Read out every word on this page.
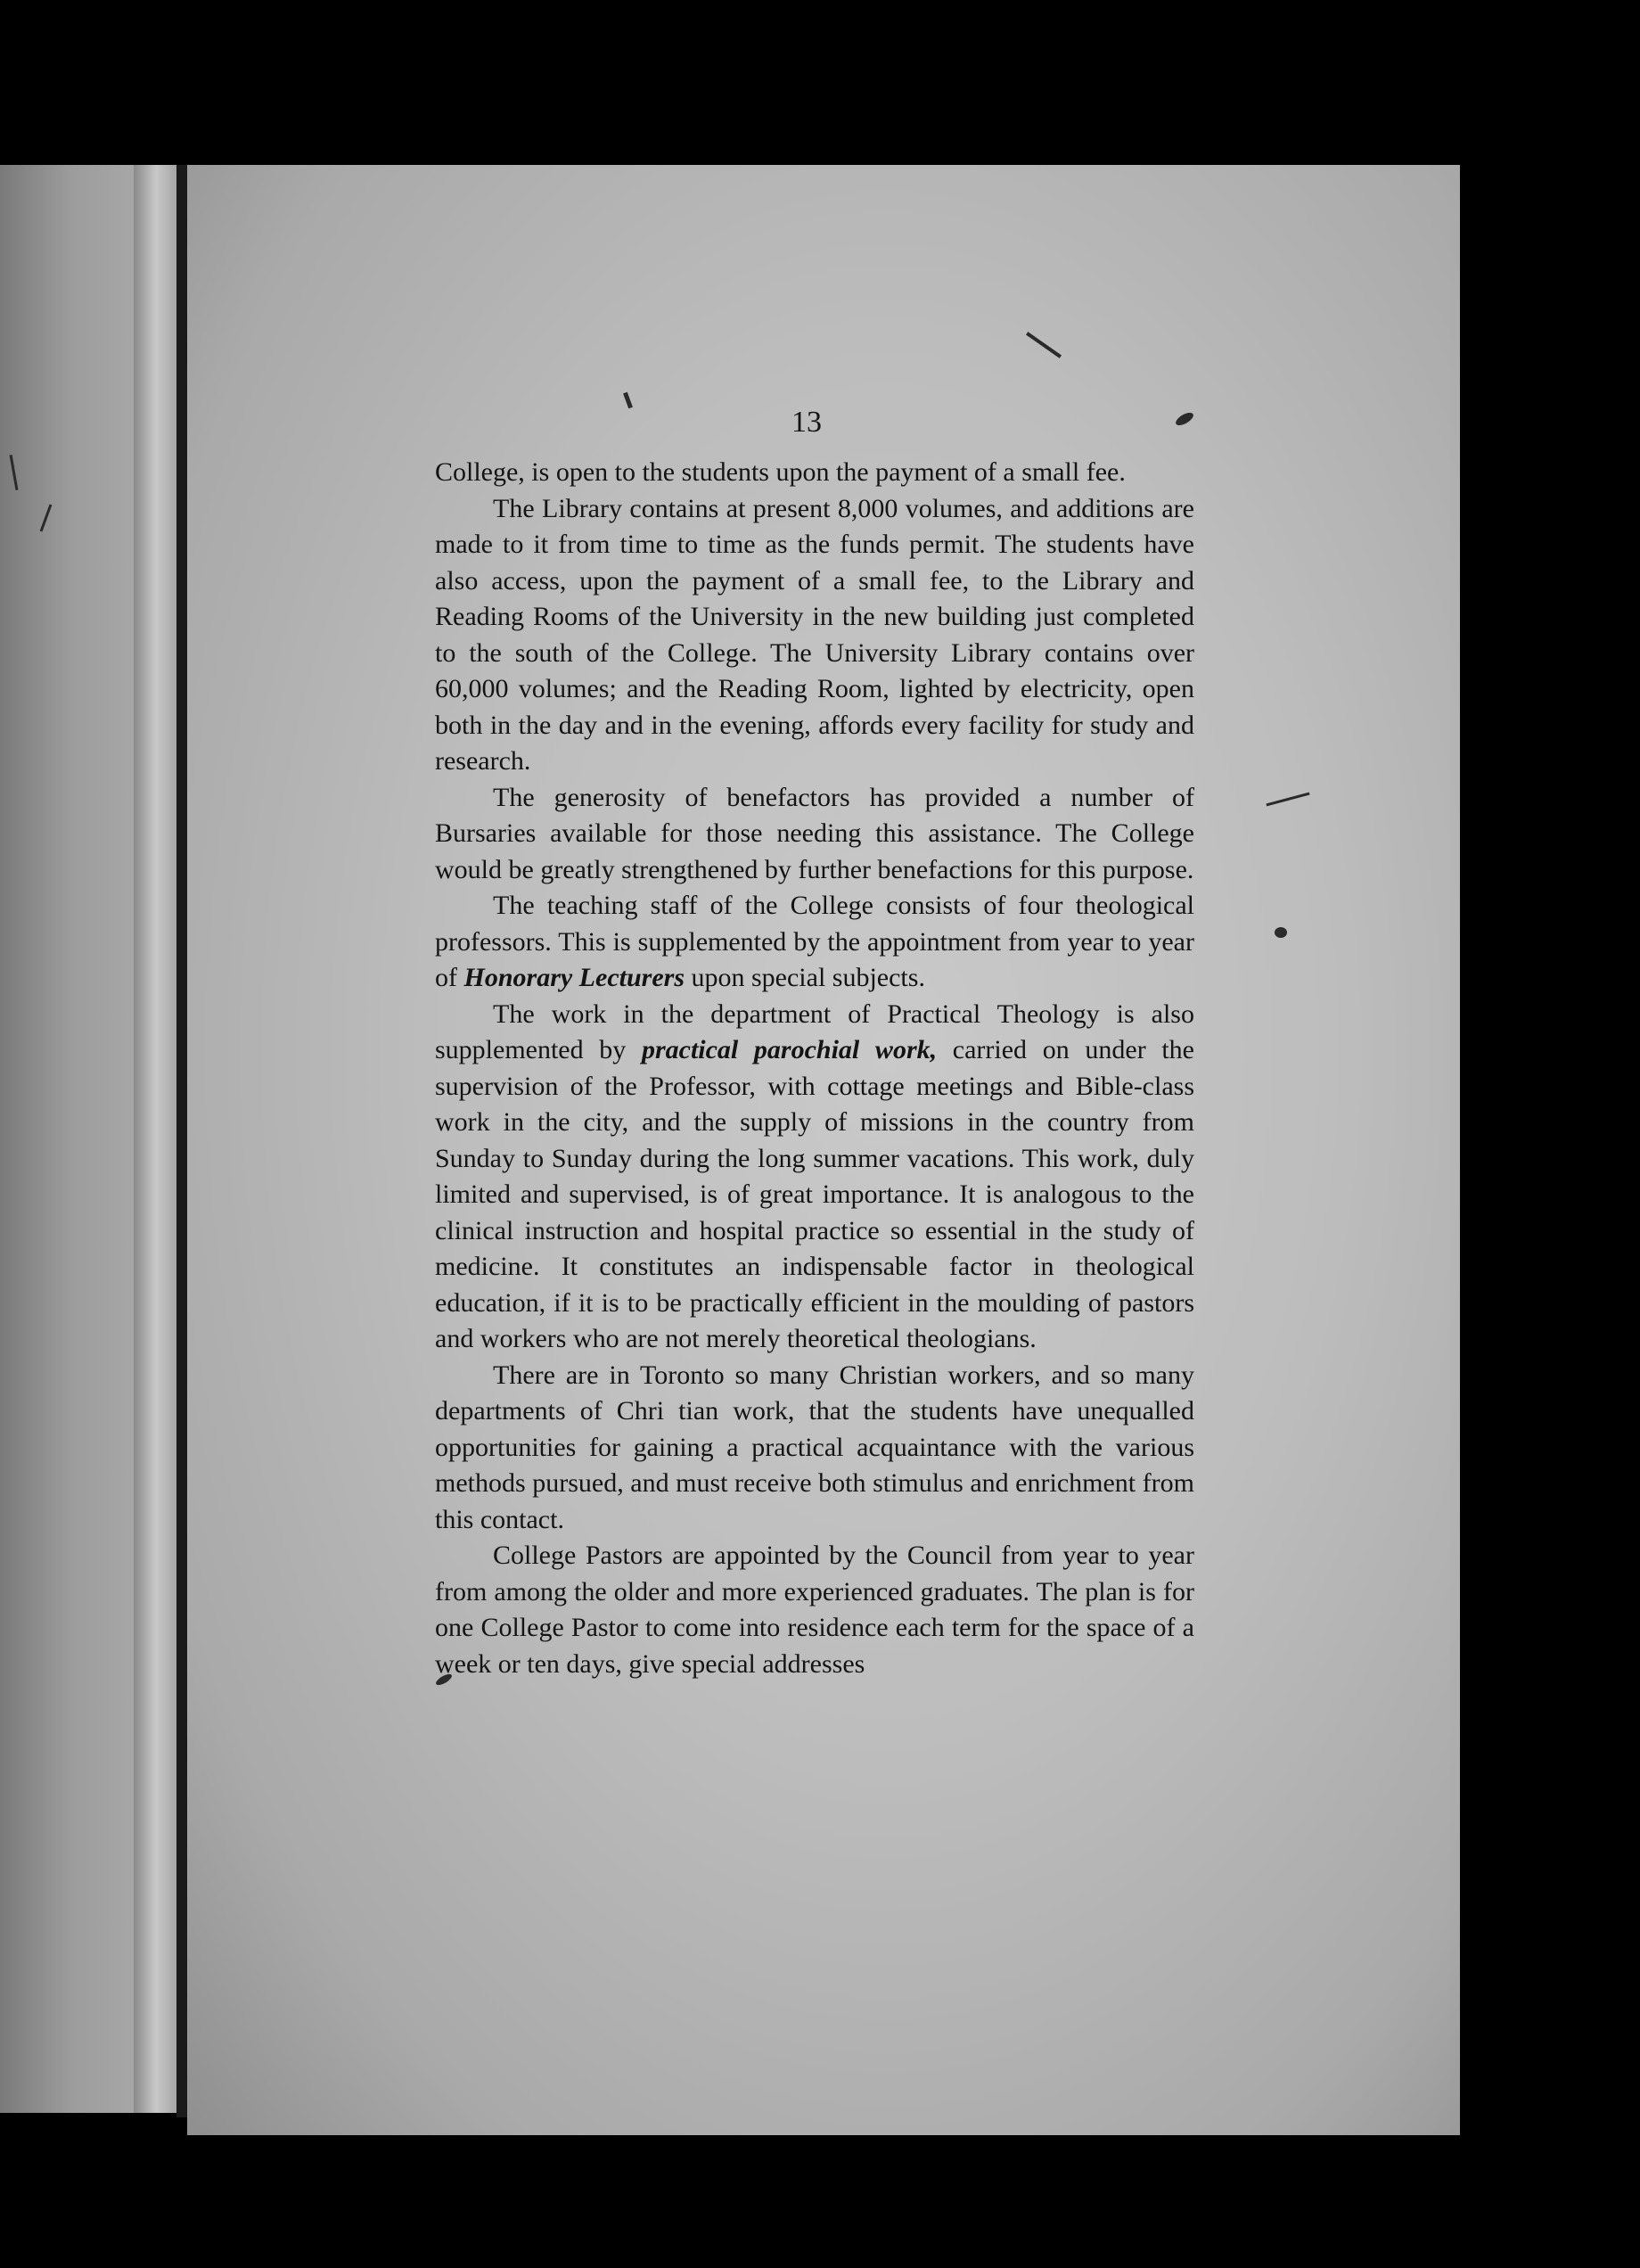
13

College, is open to the students upon the payment of a small fee.

The Library contains at present 8,000 volumes, and additions are made to it from time to time as the funds permit. The students have also access, upon the payment of a small fee, to the Library and Reading Rooms of the University in the new building just completed to the south of the College. The University Library contains over 60,000 volumes; and the Reading Room, lighted by electricity, open both in the day and in the evening, affords every facility for study and research.

The generosity of benefactors has provided a number of Bursaries available for those needing this assistance. The College would be greatly strengthened by further benefactions for this purpose.

The teaching staff of the College consists of four theological professors. This is supplemented by the appointment from year to year of Honorary Lecturers upon special subjects.

The work in the department of Practical Theology is also supplemented by practical parochial work, carried on under the supervision of the Professor, with cottage meetings and Bible-class work in the city, and the supply of missions in the country from Sunday to Sunday during the long summer vacations. This work, duly limited and supervised, is of great importance. It is analogous to the clinical instruction and hospital practice so essential in the study of medicine. It constitutes an indispensable factor in theological education, if it is to be practically efficient in the moulding of pastors and workers who are not merely theoretical theologians.

There are in Toronto so many Christian workers, and so many departments of Chri tian work, that the students have unequalled opportunities for gaining a practical acquaintance with the various methods pursued, and must receive both stimulus and enrichment from this contact.

College Pastors are appointed by the Council from year to year from among the older and more experienced graduates. The plan is for one College Pastor to come into residence each term for the space of a week or ten days, give special addresses
